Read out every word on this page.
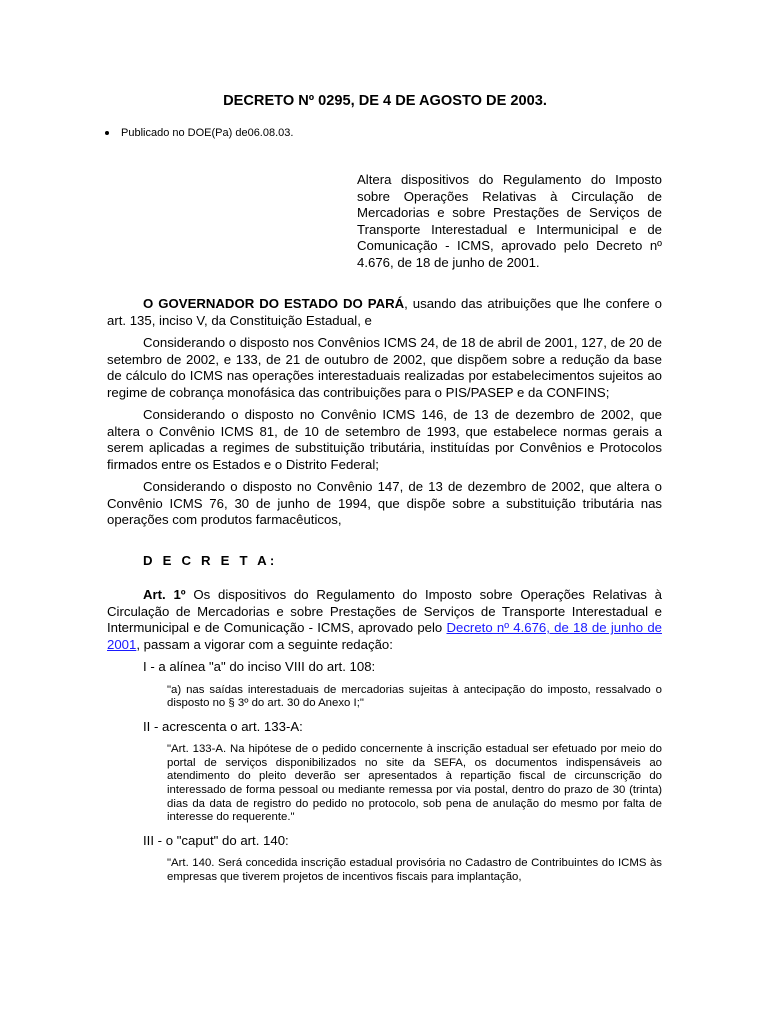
DECRETO Nº 0295, DE 4 DE AGOSTO DE 2003.
Publicado no DOE(Pa) de06.08.03.
Altera dispositivos do Regulamento do Imposto sobre Operações Relativas à Circulação de Mercadorias e sobre Prestações de Serviços de Transporte Interestadual e Intermunicipal e de Comunicação - ICMS, aprovado pelo Decreto nº 4.676, de 18 de junho de 2001.

O GOVERNADOR DO ESTADO DO PARÁ, usando das atribuições que lhe confere o art. 135, inciso V, da Constituição Estadual, e

Considerando o disposto nos Convênios ICMS 24, de 18 de abril de 2001, 127, de 20 de setembro de 2002, e 133, de 21 de outubro de 2002, que dispõem sobre a redução da base de cálculo do ICMS nas operações interestaduais realizadas por estabelecimentos sujeitos ao regime de cobrança monofásica das contribuições para o PIS/PASEP e da CONFINS;

Considerando o disposto no Convênio ICMS 146, de 13 de dezembro de 2002, que altera o Convênio ICMS 81, de 10 de setembro de 1993, que estabelece normas gerais a serem aplicadas a regimes de substituição tributária, instituídas por Convênios e Protocolos firmados entre os Estados e o Distrito Federal;

Considerando o disposto no Convênio 147, de 13 de dezembro de 2002, que altera o Convênio ICMS 76, 30 de junho de 1994, que dispõe sobre a substituição tributária nas operações com produtos farmacêuticos,

D E C R E T A:

Art. 1º Os dispositivos do Regulamento do Imposto sobre Operações Relativas à Circulação de Mercadorias e sobre Prestações de Serviços de Transporte Interestadual e Intermunicipal e de Comunicação - ICMS, aprovado pelo Decreto nº 4.676, de 18 de junho de 2001, passam a vigorar com a seguinte redação:

I - a alínea "a" do inciso VIII do art. 108:
"a) nas saídas interestaduais de mercadorias sujeitas à antecipação do imposto, ressalvado o disposto no § 3º do art. 30 do Anexo I;"
II - acrescenta o art. 133-A:
"Art. 133-A. Na hipótese de o pedido concernente à inscrição estadual ser efetuado por meio do portal de serviços disponibilizados no site da SEFA, os documentos indispensáveis ao atendimento do pleito deverão ser apresentados à repartição fiscal de circunscrição do interessado de forma pessoal ou mediante remessa por via postal, dentro do prazo de 30 (trinta) dias da data de registro do pedido no protocolo, sob pena de anulação do mesmo por falta de interesse do requerente."
III - o "caput" do art. 140:
"Art. 140. Será concedida inscrição estadual provisória no Cadastro de Contribuintes do ICMS às empresas que tiverem projetos de incentivos fiscais para implantação,
